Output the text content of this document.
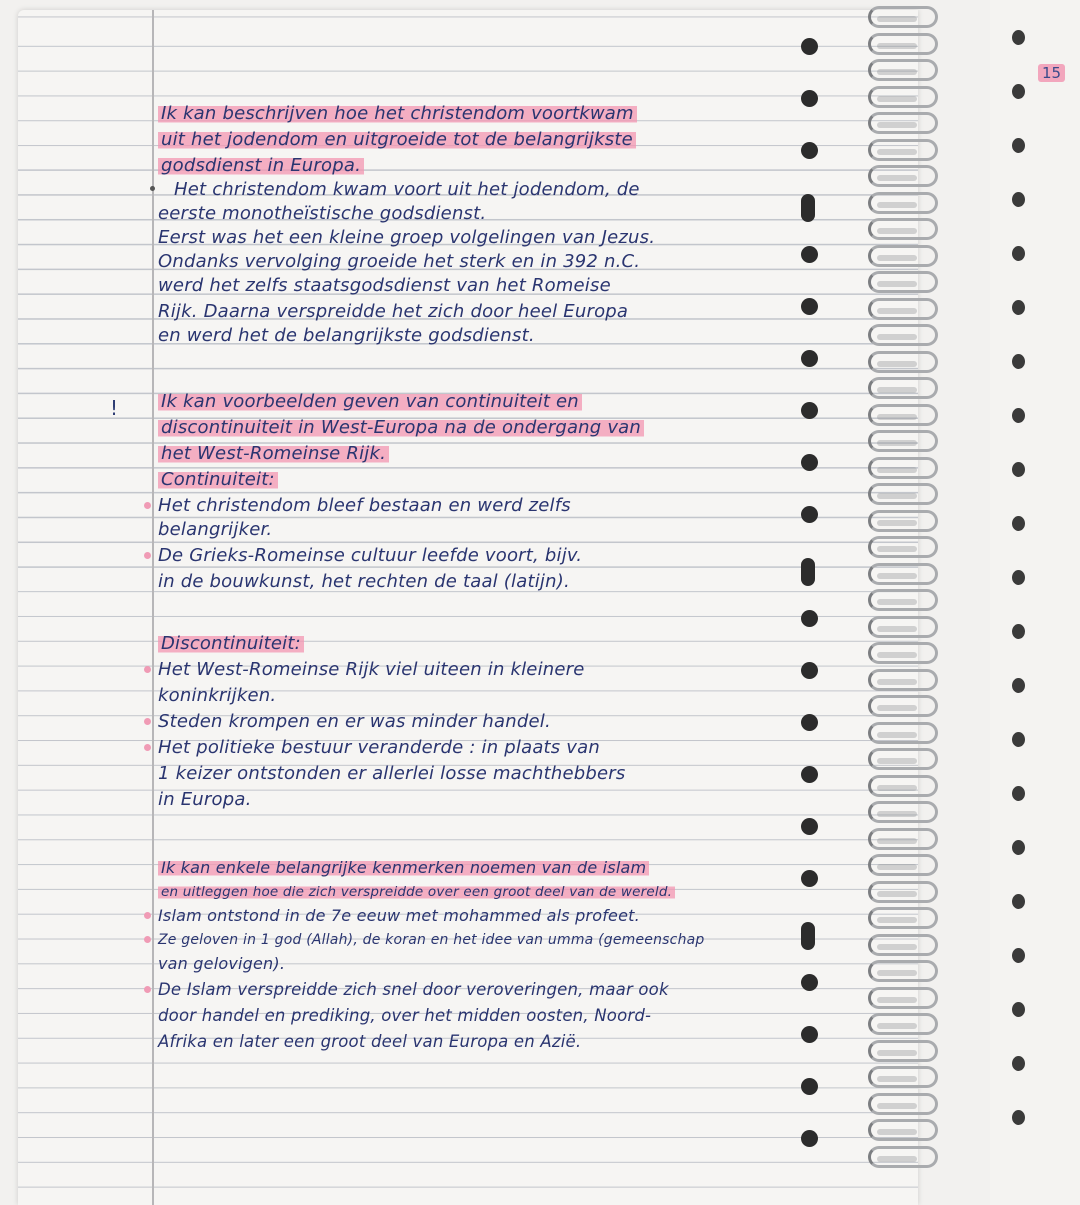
!
Ik kan beschrijven hoe het christendom voortkwam
uit het jodendom en uitgroeide tot de belangrijkste
godsdienst in Europa.
Het christendom kwam voort uit het jodendom, de
eerste monotheïstische godsdienst.
Eerst was het een kleine groep volgelingen van Jezus.
Ondanks vervolging groeide het sterk en in 392 n.C.
werd het zelfs staatsgodsdienst van het Romeise
Rijk. Daarna verspreidde het zich door heel Europa
en werd het de belangrijkste godsdienst.
Ik kan voorbeelden geven van continuiteit en
discontinuiteit in West-Europa na de ondergang van
het West-Romeinse Rijk.
Continuiteit:
Het christendom bleef bestaan en werd zelfs
belangrijker.
De Grieks-Romeinse cultuur leefde voort, bijv.
in de bouwkunst, het rechten de taal (latijn).
Discontinuiteit:
Het West-Romeinse Rijk viel uiteen in kleinere
koninkrijken.
Steden krompen en er was minder handel.
Het politieke bestuur veranderde : in plaats van
1 keizer ontstonden er allerlei losse machthebbers
in Europa.
Ik kan enkele belangrijke kenmerken noemen van de islam
en uitleggen hoe die zich verspreidde over een groot deel van de wereld.
Islam ontstond in de 7e eeuw met mohammed als profeet.
Ze geloven in 1 god (Allah), de koran en het idee van umma (gemeenschap
van gelovigen).
De Islam verspreidde zich snel door veroveringen, maar ook
door handel en prediking, over het midden oosten, Noord-
Afrika en later een groot deel van Europa en Azië.
15
